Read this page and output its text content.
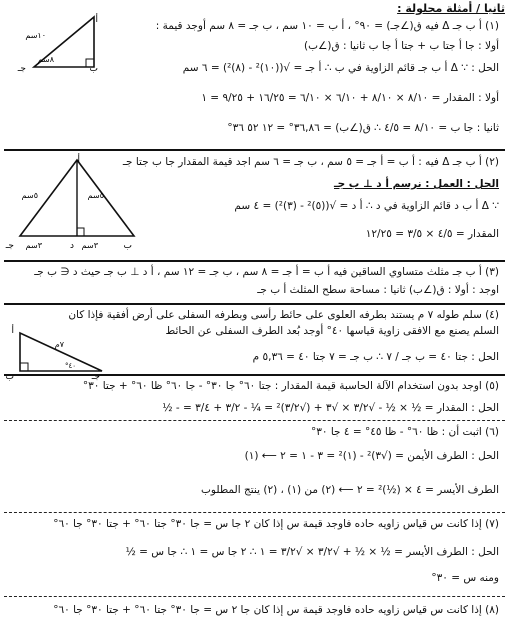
ثانيا / أمثلة محلولة :
(١) أ ب جـ Δ فيه ق(∠جـ) = ٩٠° ، أ ب = ١٠ سم ، ب جـ = ٨ سم أوجد قيمة :
أولا : جا أ جتا ب + جتا أ جا ب ثانيا : ق(∠ب)
الحل : ∵ Δ أ ب جـ قائم الزاوية في ب ∴ أ جـ = √((١٠)² - (٨)²) = ٦ سم
أولا : المقدار = ٨/١٠ × ٨/١٠ + ٦/١٠ × ٦/١٠ = ١٦/٢٥ + ٩/٢٥ = ١
ثانيا : جا ب = ٨/١٠ = ٤/٥ ∴ ق(∠ب) = ٣٦,٨٦° = ١٢ ٥٢ ٣٦°
أ
ب
جـ
١٠سم
٨سم
(٢) أ ب جـ Δ فيه : أ ب = أ جـ = ٥ سم ، ب جـ = ٦ سم اجد قيمة المقدار جا ب جتا جـ
الحل : العمل : نرسم أ د ⊥ ب جـ
∵ Δ أ ب د قائم الزاوية في د ∴ أ د = √((٥)² - (٣)²) = ٤ سم
المقدار = ٤/٥ × ٣/٥ = ١٢/٢٥
أ
ب
جـ	د
٥سم	٥سم
٣سم	٣سم
(٣) أ ب جـ مثلث متساوي الساقين فيه أ ب = أ جـ = ٨ سم ، ب جـ = ١٢ سم ، أ د ⊥ ب جـ حيث د ∈ ب جـ
اوجد : أولا : ق(∠ب) ثانيا : مساحة سطح المثلث أ ب جـ
(٤) سلم طوله ٧ م يستند بطرفه العلوى على حائط رأسى وبطرفه السفلى على أرض أفقية فإذا كان
السلم يصنع مع الافقى زاوية قياسها ٤٠° أوجد بُعد الطرف السفلى عن الحائط
الحل : جتا ٤٠ = ب جـ / ٧ ∴ ب جـ = ٧ جتا ٤٠ = ٥,٣٦ م
أ
ب	جـ
٧م
٤٠°
(٥) اوجد بدون استخدام الآلة الحاسبة قيمة المقدار : جتا ٦٠° جا ٣٠° - جا ٦٠° ظا ٦٠° + جتا ٣٠°
الحل : المقدار = ½ × ½ - √٣/٢ × √٣ + (√٣/٢)² = ¼ - ٣/٢ + ٣/٤ = - ½
(٦) اثبت أن : ظا ٦٠° - ظا ٤٥° = ٤ جا ٣٠°
الحل : الطرف الأيمن = (√٣)² - (١)² = ٣ - ١ = ٢ ⟵ (١)
الطرف الأيسر = ٤ × (½)² = ٢ ⟵ (٢) من (١) ، (٢) ينتج المطلوب
(٧) إذا كانت س قياس زاويه حاده فاوجد قيمة س إذا كان ٢ جا س = جا ٣٠° جتا ٦٠° + جتا ٣٠° جا ٦٠°
الحل : الطرف الأيسر = ½ × ½ + √٣/٢ × √٣/٢ = ١ ∴ ٢ جا س = ١ ∴ جا س = ½
ومنه س = ٣٠°
(٨) إذا كانت س قياس زاويه حاده فاوجد قيمة س إذا كان جا ٢ س = جا ٣٠° جتا ٦٠° + جتا ٣٠° جا ٦٠°
